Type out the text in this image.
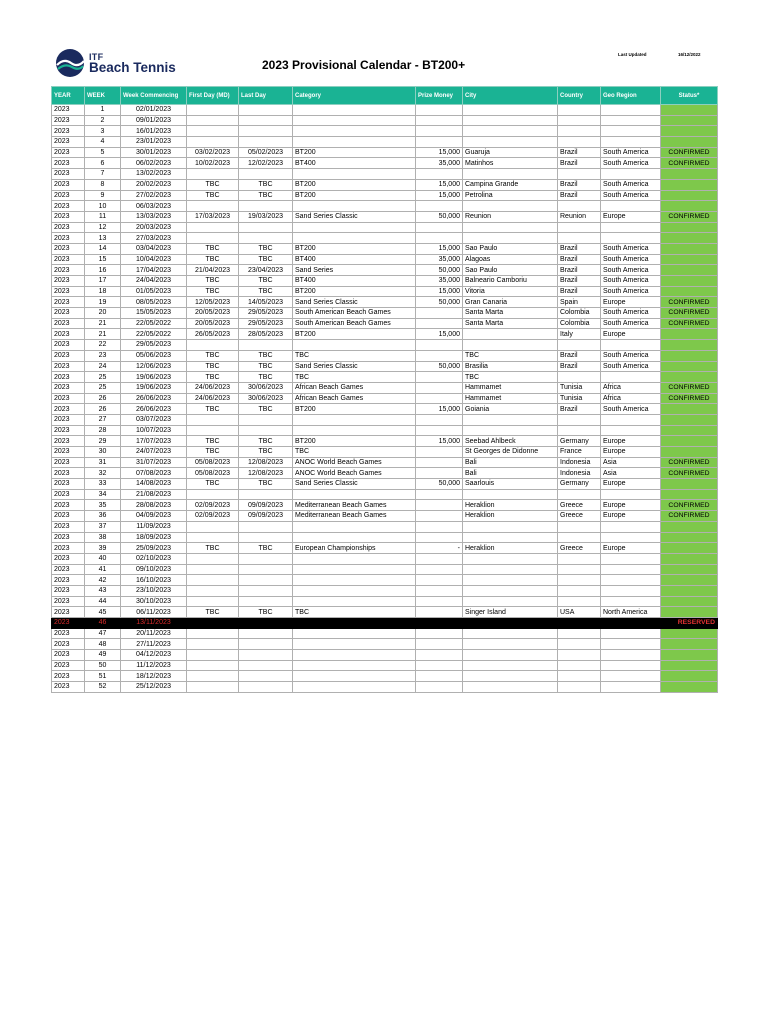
ITF
Beach Tennis	2023 Provisional Calendar - BT200+
Last Updated	16/12/2022
YEAR	WEEK	Week Commencing	First Day (MD)	Last Day	Category	Prize Money	City	Country	Geo Region	Status*
2023	1	02/01/2023								
2023	2	09/01/2023								
2023	3	16/01/2023								
2023	4	23/01/2023								
2023	5	30/01/2023	03/02/2023	05/02/2023	BT200	15,000	Guaruja	Brazil	South America	CONFIRMED
2023	6	06/02/2023	10/02/2023	12/02/2023	BT400	35,000	Matinhos	Brazil	South America	CONFIRMED
2023	7	13/02/2023								
2023	8	20/02/2023	TBC	TBC	BT200	15,000	Campina Grande	Brazil	South America	
2023	9	27/02/2023	TBC	TBC	BT200	15,000	Petrolina	Brazil	South America	
2023	10	06/03/2023								
2023	11	13/03/2023	17/03/2023	19/03/2023	Sand Series Classic	50,000	Reunion	Reunion	Europe	CONFIRMED
2023	12	20/03/2023								
2023	13	27/03/2023								
2023	14	03/04/2023	TBC	TBC	BT200	15,000	Sao Paulo	Brazil	South America	
2023	15	10/04/2023	TBC	TBC	BT400	35,000	Alagoas	Brazil	South America	
2023	16	17/04/2023	21/04/2023	23/04/2023	Sand Series	50,000	Sao Paulo	Brazil	South America	
2023	17	24/04/2023	TBC	TBC	BT400	35,000	Balneario Camboriu	Brazil	South America	
2023	18	01/05/2023	TBC	TBC	BT200	15,000	Vitoria	Brazil	South America	
2023	19	08/05/2023	12/05/2023	14/05/2023	Sand Series Classic	50,000	Gran Canaria	Spain	Europe	CONFIRMED
2023	20	15/05/2023	20/05/2023	29/05/2023	South American Beach Games		Santa Marta	Colombia	South America	CONFIRMED
2023	21	22/05/2022	20/05/2023	29/05/2023	South American Beach Games		Santa Marta	Colombia	South America	CONFIRMED
2023	21	22/05/2022	26/05/2023	28/05/2023	BT200	15,000		Italy	Europe	
2023	22	29/05/2023								
2023	23	05/06/2023	TBC	TBC	TBC		TBC	Brazil	South America	
2023	24	12/06/2023	TBC	TBC	Sand Series Classic	50,000	Brasilia	Brazil	South America	
2023	25	19/06/2023	TBC	TBC	TBC		TBC			
2023	25	19/06/2023	24/06/2023	30/06/2023	African Beach Games		Hammamet	Tunisia	Africa	CONFIRMED
2023	26	26/06/2023	24/06/2023	30/06/2023	African Beach Games		Hammamet	Tunisia	Africa	CONFIRMED
2023	26	26/06/2023	TBC	TBC	BT200	15,000	Goiania	Brazil	South America	
2023	27	03/07/2023								
2023	28	10/07/2023								
2023	29	17/07/2023	TBC	TBC	BT200	15,000	Seebad Ahlbeck	Germany	Europe	
2023	30	24/07/2023	TBC	TBC	TBC		St Georges de Didonne	France	Europe	
2023	31	31/07/2023	05/08/2023	12/08/2023	ANOC World Beach Games		Bali	Indonesia	Asia	CONFIRMED
2023	32	07/08/2023	05/08/2023	12/08/2023	ANOC World Beach Games		Bali	Indonesia	Asia	CONFIRMED
2023	33	14/08/2023	TBC	TBC	Sand Series Classic	50,000	Saarlouis	Germany	Europe	
2023	34	21/08/2023								
2023	35	28/08/2023	02/09/2023	09/09/2023	Mediterranean Beach Games		Heraklion	Greece	Europe	CONFIRMED
2023	36	04/09/2023	02/09/2023	09/09/2023	Mediterranean Beach Games		Heraklion	Greece	Europe	CONFIRMED
2023	37	11/09/2023								
2023	38	18/09/2023								
2023	39	25/09/2023	TBC	TBC	European Championships	-	Heraklion	Greece	Europe	
2023	40	02/10/2023								
2023	41	09/10/2023								
2023	42	16/10/2023								
2023	43	23/10/2023								
2023	44	30/10/2023								
2023	45	06/11/2023	TBC	TBC	TBC		Singer Island	USA	North America	
2023	46	13/11/2023								RESERVED
2023	47	20/11/2023								
2023	48	27/11/2023								
2023	49	04/12/2023								
2023	50	11/12/2023								
2023	51	18/12/2023								
2023	52	25/12/2023								
